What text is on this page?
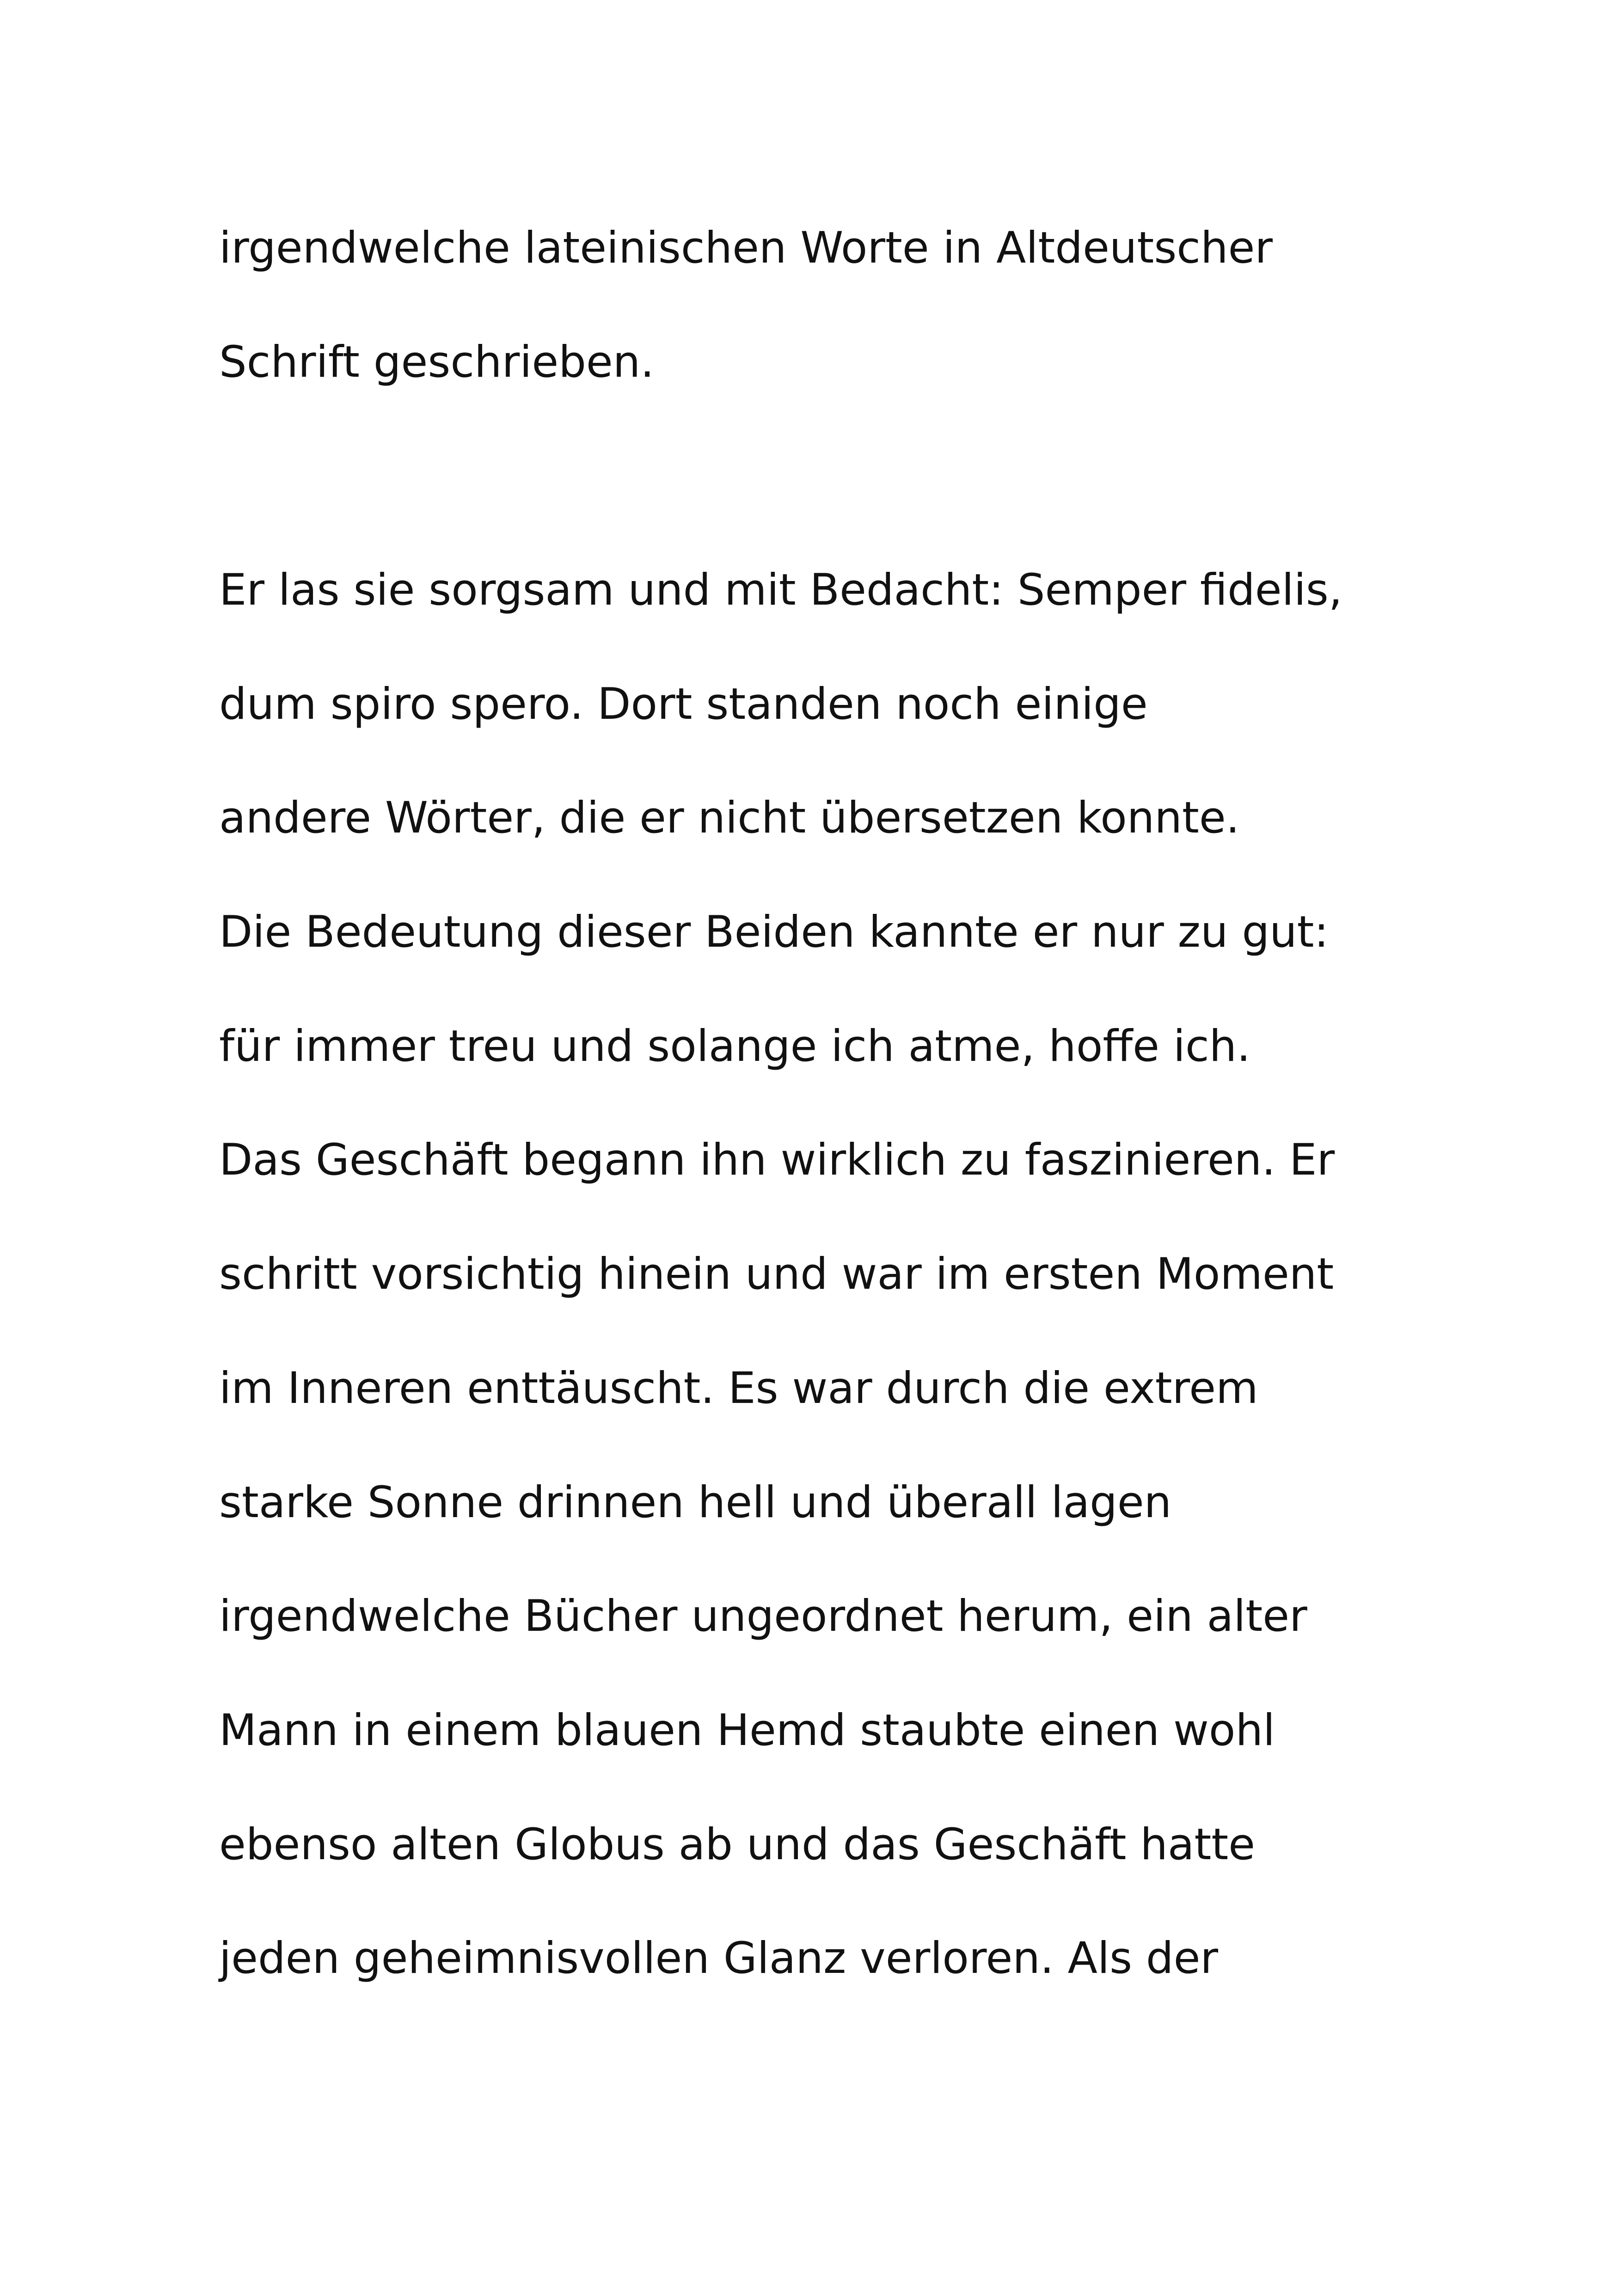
irgendwelche lateinischen Worte in Altdeutscher

Schrift geschrieben.

Er las sie sorgsam und mit Bedacht: Semper fidelis,

dum spiro spero. Dort standen noch einige

andere Wörter, die er nicht übersetzen konnte.

Die Bedeutung dieser Beiden kannte er nur zu gut:

für immer treu und solange ich atme, hoffe ich.

Das Geschäft begann ihn wirklich zu faszinieren. Er

schritt vorsichtig hinein und war im ersten Moment

im Inneren enttäuscht. Es war durch die extrem

starke Sonne drinnen hell und überall lagen

irgendwelche Bücher ungeordnet herum, ein alter

Mann in einem blauen Hemd staubte einen wohl

ebenso alten Globus ab und das Geschäft hatte

jeden geheimnisvollen Glanz verloren. Als der
